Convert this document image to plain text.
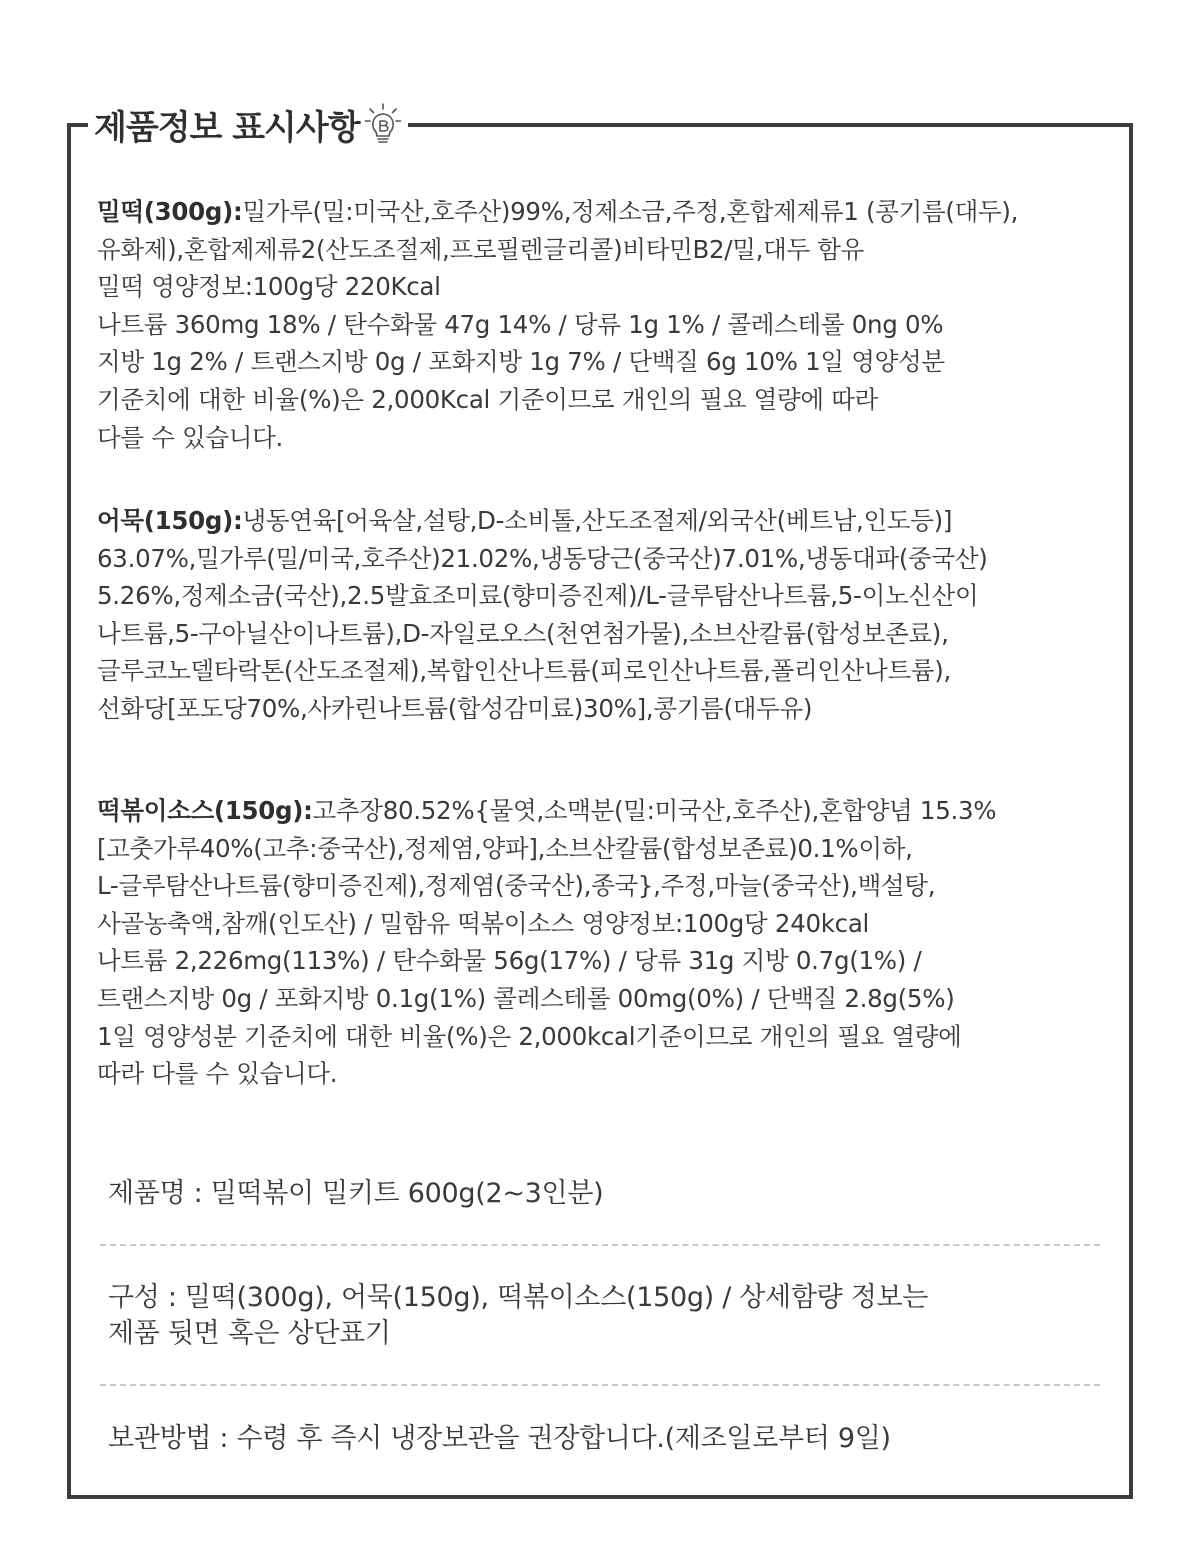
제품정보 표시사항
밀떡(300g):밀가루(밀:미국산,호주산)99%,정제소금,주정,혼합제제류1 (콩기름(대두),
유화제),혼합제제류2(산도조절제,프로필렌글리콜)비타민B2/밀,대두 함유
밀떡 영양정보:100g당 220Kcal
나트륨 360mg 18% / 탄수화물 47g 14% / 당류 1g 1% / 콜레스테롤 0ng 0%
지방 1g 2% / 트랜스지방 0g / 포화지방 1g 7% / 단백질 6g 10% 1일 영양성분
기준치에 대한 비율(%)은 2,000Kcal 기준이므로 개인의 필요 열량에 따라
다를 수 있습니다.
어묵(150g):냉동연육[어육살,설탕,D-소비톨,산도조절제/외국산(베트남,인도등)]
63.07%,밀가루(밀/미국,호주산)21.02%,냉동당근(중국산)7.01%,냉동대파(중국산)
5.26%,정제소금(국산),2.5발효조미료(향미증진제)/L-글루탐산나트륨,5-이노신산이
나트륨,5-구아닐산이나트륨),D-자일로오스(천연첨가물),소브산칼륨(합성보존료),
글루코노델타락톤(산도조절제),복합인산나트륨(피로인산나트륨,폴리인산나트륨),
선화당[포도당70%,사카린나트륨(합성감미료)30%],콩기름(대두유)
떡볶이소스(150g):고추장80.52%{물엿,소맥분(밀:미국산,호주산),혼합양념 15.3%
[고춧가루40%(고추:중국산),정제염,양파],소브산칼륨(합성보존료)0.1%이하,
L-글루탐산나트륨(향미증진제),정제염(중국산),종국},주정,마늘(중국산),백설탕,
사골농축액,참깨(인도산) / 밀함유 떡볶이소스 영양정보:100g당 240kcal
나트륨 2,226mg(113%) / 탄수화물 56g(17%) / 당류 31g 지방 0.7g(1%) /
트랜스지방 0g / 포화지방 0.1g(1%) 콜레스테롤 00mg(0%) / 단백질 2.8g(5%)
1일 영양성분 기준치에 대한 비율(%)은 2,000kcal기준이므로 개인의 필요 열량에
따라 다를 수 있습니다.
제품명 : 밀떡볶이 밀키트 600g(2~3인분)
구성 : 밀떡(300g), 어묵(150g), 떡볶이소스(150g) / 상세함량 정보는
제품 뒷면 혹은 상단표기
보관방법 : 수령 후 즉시 냉장보관을 권장합니다.(제조일로부터 9일)
